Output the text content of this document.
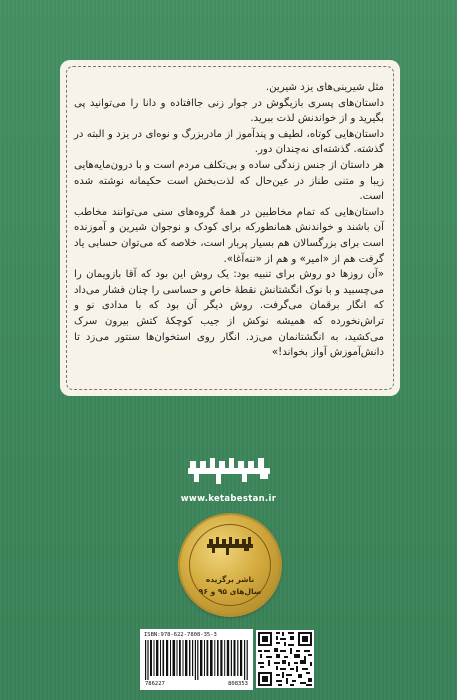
مثل شیرینی‌های یزد شیرین.

داستان‌های پسری بازیگوش در جوار زنی جاافتاده و دانا را می‌توانید پی بگیرید و از خواندنش لذت ببرید.

داستان‌هایی کوتاه، لطیف و پندآموز از مادربزرگ و نوه‌ای در یزد و البته در گذشته. گذشته‌ای نه‌چندان دور.

هر داستان از جنس زندگی ساده و بی‌تکلف مردم است و با درون‌مایه‌هایی زیبا و متنی طناز در عین‌حال که لذت‌بخش است حکیمانه نوشته شده است.

داستان‌هایی که تمام مخاطبین در همهٔ گروه‌های سنی می‌توانند مخاطب آن باشند و خواندنش همانطورکه برای کودک و نوجوان شیرین و آموزنده است برای بزرگسالان هم بسیار پربار است، خلاصه که می‌توان حسابی یاد گرفت هم از «امیر» و هم از «ننه‌آغا».

«آن روزها دو روش برای تنبیه بود: یک روش این بود که آقا بازویمان را می‌چسبید و با نوک انگشتانش نقطهٔ خاص و حساسی را چنان فشار می‌داد که انگار برقمان می‌گرفت. روش دیگر آن بود که با مدادی نو و تراش‌نخورده که همیشه نوکش از جیب کوچکهٔ کتش بیرون سرک می‌کشید، به انگشتانمان می‌زد. انگار روی استخوان‌ها سنتور می‌زد تا دانش‌آموزش آواز بخواند!»

www.ketabestan.ir
ناشر برگزیده
سال‌های ۹۵ و ۹۶
ISBN:978-622-7808-35-3
786227	808353
